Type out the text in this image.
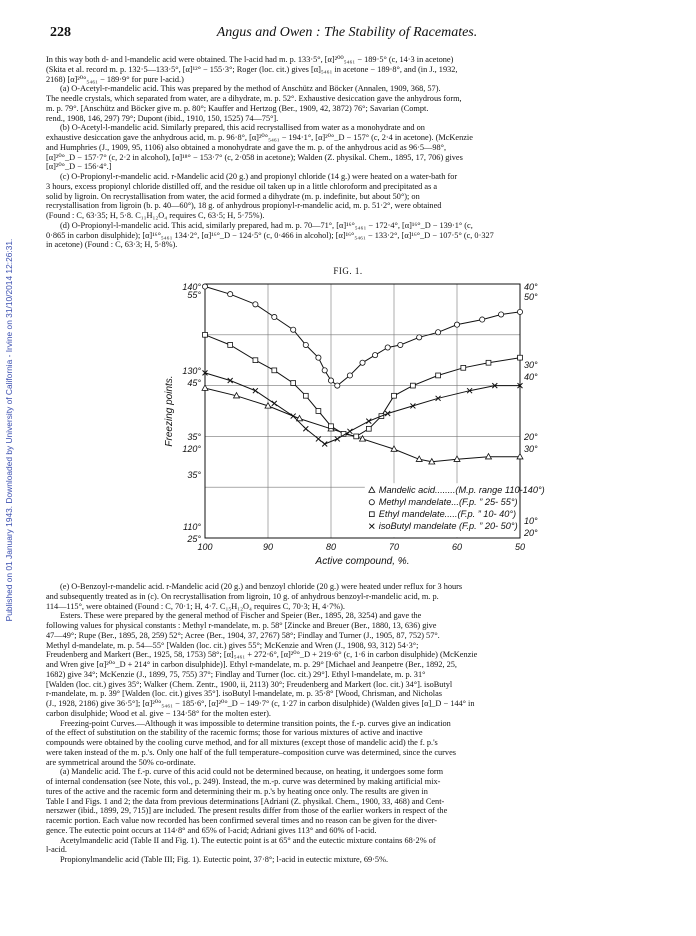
Published on 01 January 1943. Downloaded by University of California - Irvine on 31/10/2014 12:26:31.
228	Angus and Owen : The Stability of Racemates.

In this way both d- and l-mandelic acid were obtained. The l-acid had m. p. 133·5°, [α]²⁰⁰₅₄₆₁ − 189·5° (c, 14·3 in acetone)

(Skita et al. record m. p. 132·5—133·5°, [α]¹²° − 155·3°; Roger (loc. cit.) gives [α]₅₄₆₁ in acetone − 189·8°, and (in J., 1932,

2168) [α]²⁰°₅₄₆₁ − 189·9° for pure l-acid.)

(a) O-Acetyl-r-mandelic acid. This was prepared by the method of Anschütz and Böcker (Annalen, 1909, 368, 57).

The needle crystals, which separated from water, are a dihydrate, m. p. 52°. Exhaustive desiccation gave the anhydrous form,

m. p. 79°. [Anschütz and Böcker give m. p. 80°; Kauffer and Hertzog (Ber., 1909, 42, 3872) 76°; Savarian (Compt.

rend., 1908, 146, 297) 79°; Dupont (ibid., 1910, 150, 1525) 74—75°].

(b) O-Acetyl-l-mandelic acid. Similarly prepared, this acid recrystallised from water as a monohydrate and on

exhaustive desiccation gave the anhydrous acid, m. p. 96·8°, [α]²⁰°₅₄₆₁ − 194·1°, [α]²⁰°_D − 157° (c, 2·4 in acetone). (McKenzie

and Humphries (J., 1909, 95, 1106) also obtained a monohydrate and gave the m. p. of the anhydrous acid as 96·5—98°,

[α]²⁰°_D − 157·7° (c, 2·2 in alcohol), [α]¹⁸° − 153·7° (c, 2·058 in acetone); Walden (Z. physikal. Chem., 1895, 17, 706) gives

[α]²⁰°_D − 156·4°.]

(c) O-Propionyl-r-mandelic acid. r-Mandelic acid (20 g.) and propionyl chloride (14 g.) were heated on a water-bath for

3 hours, excess propionyl chloride distilled off, and the residue oil taken up in a little chloroform and precipitated as a

solid by ligroin. On recrystallisation from water, the acid formed a dihydrate (m. p. indefinite, but about 50°); on

recrystallisation from ligroin (b. p. 40—60°), 18 g. of anhydrous propionyl-r-mandelic acid, m. p. 51·2°, were obtained

(Found : C, 63·35; H, 5·8. C₁₁H₁₂O₄ requires C, 63·5; H, 5·75%).

(d) O-Propionyl-l-mandelic acid. This acid, similarly prepared, had m. p. 70—71°, [α]¹⁶°₅₄₆₁ − 172·4°, [α]¹⁶°_D − 139·1° (c,

0·865 in carbon disulphide); [α]¹⁶°₅₄₆₁ 134·2°, [α]¹⁶°_D − 124·5° (c, 0·466 in alcohol); [α]¹⁶°₅₄₆₁ − 133·2°, [α]¹⁶°_D − 107·5° (c, 0·327

in acetone) (Found : C, 63·3; H, 5·8%).

FIG. 1.
140°
55°
130°
45°
35°
120°
35°
110°
25°
40°
50°
30°
40°
20°
30°
10°
20°
100	90	80	70	60	50
Active compound, %.
Freezing points.
Mandelic acid........(M.p. range 110-140°)
Methyl mandelate...(F.p. ” 25- 55°)
Ethyl mandelate.....(F.p. ” 10- 40°)
isoButyl mandelate (F.p. ” 20- 50°)

(e) O-Benzoyl-r-mandelic acid. r-Mandelic acid (20 g.) and benzoyl chloride (20 g.) were heated under reflux for 3 hours

and subsequently treated as in (c). On recrystallisation from ligroin, 10 g. of anhydrous benzoyl-r-mandelic acid, m. p.

114—115°, were obtained (Found : C, 70·1; H, 4·7. C₁₅H₁₂O₄ requires C, 70·3; H, 4·7%).

Esters. These were prepared by the general method of Fischer and Speier (Ber., 1895, 28, 3254) and gave the

following values for physical constants : Methyl r-mandelate, m. p. 58° [Zincke and Breuer (Ber., 1880, 13, 636) give

47—49°; Rupe (Ber., 1895, 28, 259) 52°; Acree (Ber., 1904, 37, 2767) 58°; Findlay and Turner (J., 1905, 87, 752) 57°.

Methyl d-mandelate, m. p. 54—55° [Walden (loc. cit.) gives 55°; McKenzie and Wren (J., 1908, 93, 312) 54·3°;

Freudenberg and Markert (Ber., 1925, 58, 1753) 58°; [α]₅₄₆₁ + 272·6°, [α]²⁰°_D + 219·6° (c, 1·6 in carbon disulphide) (McKenzie

and Wren give [α]²⁰°_D + 214° in carbon disulphide)]. Ethyl r-mandelate, m. p. 29° [Michael and Jeanpetre (Ber., 1892, 25,

1682) give 34°; McKenzie (J., 1899, 75, 755) 37°; Findlay and Turner (loc. cit.) 29°]. Ethyl l-mandelate, m. p. 31°

[Walden (loc. cit.) gives 35°; Walker (Chem. Zentr., 1900, ii, 2113) 30°; Freudenberg and Markert (loc. cit.) 34°]. isoButyl

r-mandelate, m. p. 39° [Walden (loc. cit.) gives 35°]. isoButyl l-mandelate, m. p. 35·8° [Wood, Chrisman, and Nicholas

(J., 1928, 2186) give 36·5°]; [α]²⁰°₅₄₆₁ − 185·6°, [α]²⁰°_D − 149·7° (c, 1·27 in carbon disulphide) (Walden gives [α]_D − 144° in

carbon disulphide; Wood et al. give − 134·58° for the molten ester).

Freezing-point Curves.—Although it was impossible to determine transition points, the f.-p. curves give an indication

of the effect of substitution on the stability of the racemic forms; those for various mixtures of active and inactive

compounds were obtained by the cooling curve method, and for all mixtures (except those of mandelic acid) the f. p.'s

were taken instead of the m. p.'s. Only one half of the full temperature–composition curve was determined, since the curves

are symmetrical around the 50% co-ordinate.

(a) Mandelic acid. The f.-p. curve of this acid could not be determined because, on heating, it undergoes some form

of internal condensation (see Note, this vol., p. 249). Instead, the m.-p. curve was determined by making artificial mix-

tures of the active and the racemic form and determining their m. p.'s by heating once only. The results are given in

Table I and Figs. 1 and 2; the data from previous determinations [Adriani (Z. physikal. Chem., 1900, 33, 468) and Cent-

nerszwer (ibid., 1899, 29, 715)] are included. The present results differ from those of the earlier workers in respect of the

racemic portion. Each value now recorded has been confirmed several times and no reason can be given for the diver-

gence. The eutectic point occurs at 114·8° and 65% of l-acid; Adriani gives 113° and 60% of l-acid.

Acetylmandelic acid (Table II and Fig. 1). The eutectic point is at 65° and the eutectic mixture contains 68·2% of

l-acid.

Propionylmandelic acid (Table III; Fig. 1). Eutectic point, 37·8°; l-acid in eutectic mixture, 69·5%.
